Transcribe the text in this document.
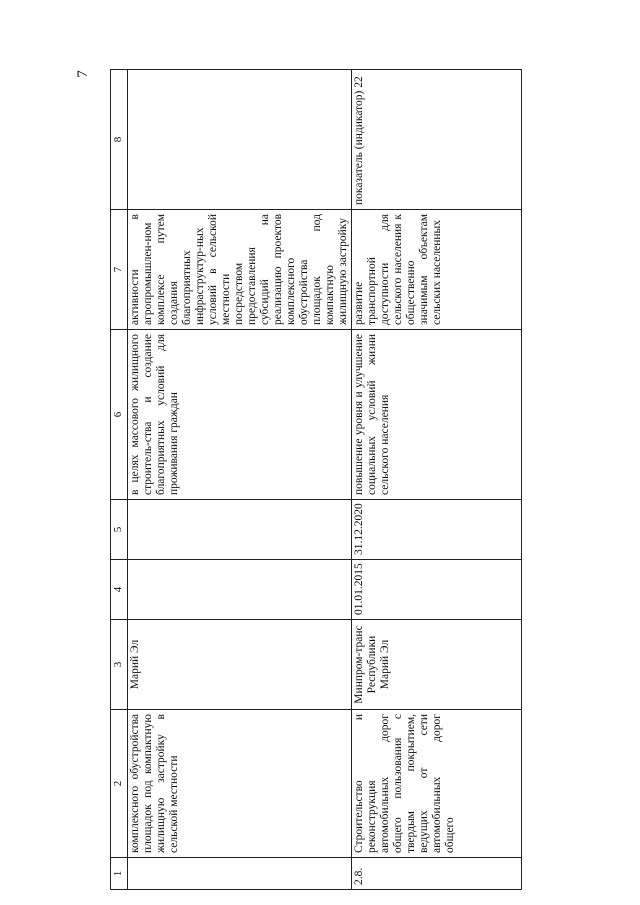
7
1	2	3	4	5	6	7	8
	комплексного обустройства площадок под компактную жилищную застройку в сельской местности	Марий Эл			в целях массового жилищного строитель-ства и создание благоприятных условий для проживания граждан	активности в агропромышлен-ном комплексе путем создания благоприятных инфраструктур-ных условий в сельской местности посредством предоставления субсидий на реализацию проектов комплексного обустройства площадок под компактную жилищную застройку	
2.8.	Строительство и реконструкция автомобильных дорог общего пользования с твердым покрытием, ведущих от сети автомобильных дорог общего	Минпром-транс Республики Марий Эл	01.01.2015	31.12.2020	повышение уровня и улучшение социальных условий жизни сельского населения	развитие транспортной доступности для сельского населения к общественно значимым объектам сельских населенных	показатель (индикатор) 22
